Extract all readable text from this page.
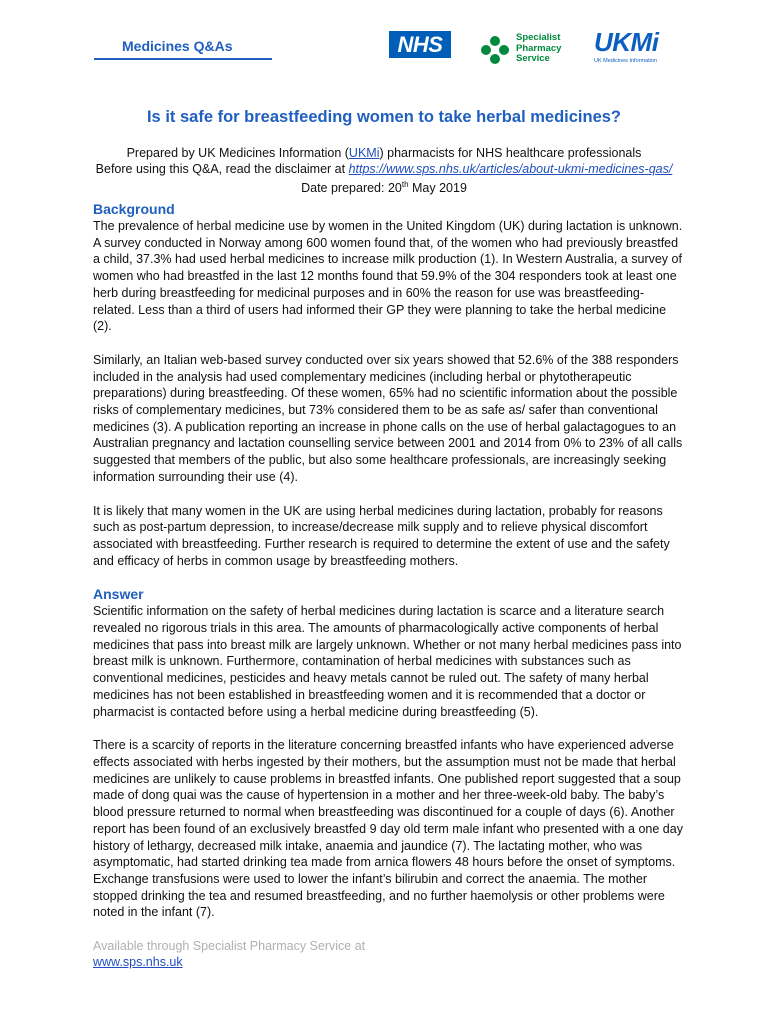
Medicines Q&As	NHS	Specialist
Pharmacy
Service
UKMi
UK Medicines Information
Is it safe for breastfeeding women to take herbal medicines?
Prepared by UK Medicines Information (UKMi) pharmacists for NHS healthcare professionals
Before using this Q&A, read the disclaimer at https://www.sps.nhs.uk/articles/about-ukmi-medicines-qas/
Date prepared: 20th May 2019
Background

The prevalence of herbal medicine use by women in the United Kingdom (UK) during lactation is unknown. A survey conducted in Norway among 600 women found that, of the women who had previously breastfed a child, 37.3% had used herbal medicines to increase milk production (1). In Western Australia, a survey of women who had breastfed in the last 12 months found that 59.9% of the 304 responders took at least one herb during breastfeeding for medicinal purposes and in 60% the reason for use was breastfeeding-related. Less than a third of users had informed their GP they were planning to take the herbal medicine (2).

Similarly, an Italian web-based survey conducted over six years showed that 52.6% of the 388 responders included in the analysis had used complementary medicines (including herbal or phytotherapeutic preparations) during breastfeeding. Of these women, 65% had no scientific information about the possible risks of complementary medicines, but 73% considered them to be as safe as/ safer than conventional medicines (3). A publication reporting an increase in phone calls on the use of herbal galactagogues to an Australian pregnancy and lactation counselling service between 2001 and 2014 from 0% to 23% of all calls suggested that members of the public, but also some healthcare professionals, are increasingly seeking information surrounding their use (4).

It is likely that many women in the UK are using herbal medicines during lactation, probably for reasons such as post-partum depression, to increase/decrease milk supply and to relieve physical discomfort associated with breastfeeding. Further research is required to determine the extent of use and the safety and efficacy of herbs in common usage by breastfeeding mothers.

Answer

Scientific information on the safety of herbal medicines during lactation is scarce and a literature search revealed no rigorous trials in this area. The amounts of pharmacologically active components of herbal medicines that pass into breast milk are largely unknown. Whether or not many herbal medicines pass into breast milk is unknown. Furthermore, contamination of herbal medicines with substances such as conventional medicines, pesticides and heavy metals cannot be ruled out. The safety of many herbal medicines has not been established in breastfeeding women and it is recommended that a doctor or pharmacist is contacted before using a herbal medicine during breastfeeding (5).

There is a scarcity of reports in the literature concerning breastfed infants who have experienced adverse effects associated with herbs ingested by their mothers, but the assumption must not be made that herbal medicines are unlikely to cause problems in breastfed infants. One published report suggested that a soup made of dong quai was the cause of hypertension in a mother and her three-week-old baby. The baby’s blood pressure returned to normal when breastfeeding was discontinued for a couple of days (6). Another report has been found of an exclusively breastfed 9 day old term male infant who presented with a one day history of lethargy, decreased milk intake, anaemia and jaundice (7). The lactating mother, who was asymptomatic, had started drinking tea made from arnica flowers 48 hours before the onset of symptoms. Exchange transfusions were used to lower the infant’s bilirubin and correct the anaemia. The mother stopped drinking the tea and resumed breastfeeding, and no further haemolysis or other problems were noted in the infant (7).

Available through Specialist Pharmacy Service at
www.sps.nhs.uk
